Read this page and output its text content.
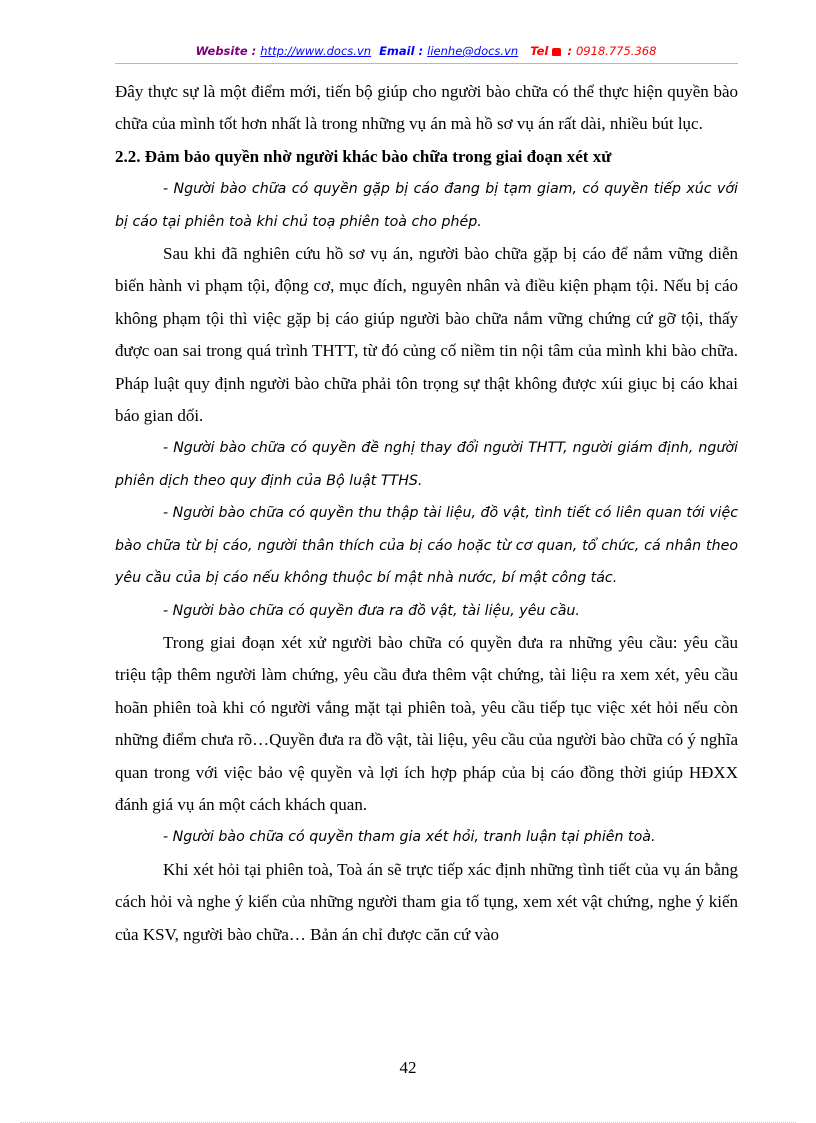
Website : http://www.docs.vn Email : lienhe@docs.vn Tel  : 0918.775.368

Đây thực sự là một điểm mới, tiến bộ giúp cho người bào chữa có thể thực hiện quyền bào chữa của mình tốt hơn nhất là trong những vụ án mà hồ sơ vụ án rất dài, nhiều bút lục.

2.2. Đảm bảo quyền nhờ người khác bào chữa trong giai đoạn xét xử

- Người bào chữa có quyền gặp bị cáo đang bị tạm giam, có quyền tiếp xúc với bị cáo tại phiên toà khi chủ toạ phiên toà cho phép.

Sau khi đã nghiên cứu hồ sơ vụ án, người bào chữa gặp bị cáo để nắm vững diễn biến hành vi phạm tội, động cơ, mục đích, nguyên nhân và điều kiện phạm tội. Nếu bị cáo không phạm tội thì việc gặp bị cáo giúp người bào chữa nắm vững chứng cứ gỡ tội, thấy được oan sai trong quá trình THTT, từ đó củng cố niềm tin nội tâm của mình khi bào chữa. Pháp luật quy định người bào chữa phải tôn trọng sự thật không được xúi giục bị cáo khai báo gian dối.

- Người bào chữa có quyền đề nghị thay đổi người THTT, người giám định, người phiên dịch theo quy định của Bộ luật TTHS.

- Người bào chữa có quyền thu thập tài liệu, đồ vật, tình tiết có liên quan tới việc bào chữa từ bị cáo, người thân thích của bị cáo hoặc từ cơ quan, tổ chức, cá nhân theo yêu cầu của bị cáo nếu không thuộc bí mật nhà nước, bí mật công tác.

- Người bào chữa có quyền đưa ra đồ vật, tài liệu, yêu cầu.

Trong giai đoạn xét xử người bào chữa có quyền đưa ra những yêu cầu: yêu cầu triệu tập thêm người làm chứng, yêu cầu đưa thêm vật chứng, tài liệu ra xem xét, yêu cầu hoãn phiên toà khi có người vắng mặt tại phiên toà, yêu cầu tiếp tục việc xét hỏi nếu còn những điểm chưa rõ…Quyền đưa ra đồ vật, tài liệu, yêu cầu của người bào chữa có ý nghĩa quan trong với việc bảo vệ quyền và lợi ích hợp pháp của bị cáo đồng thời giúp HĐXX đánh giá vụ án một cách khách quan.

- Người bào chữa có quyền tham gia xét hỏi, tranh luận tại phiên toà.

Khi xét hỏi tại phiên toà, Toà án sẽ trực tiếp xác định những tình tiết của vụ án bằng cách hỏi và nghe ý kiến của những người tham gia tố tụng, xem xét vật chứng, nghe ý kiến của KSV, người bào chữa… Bản án chỉ được căn cứ vào

42
